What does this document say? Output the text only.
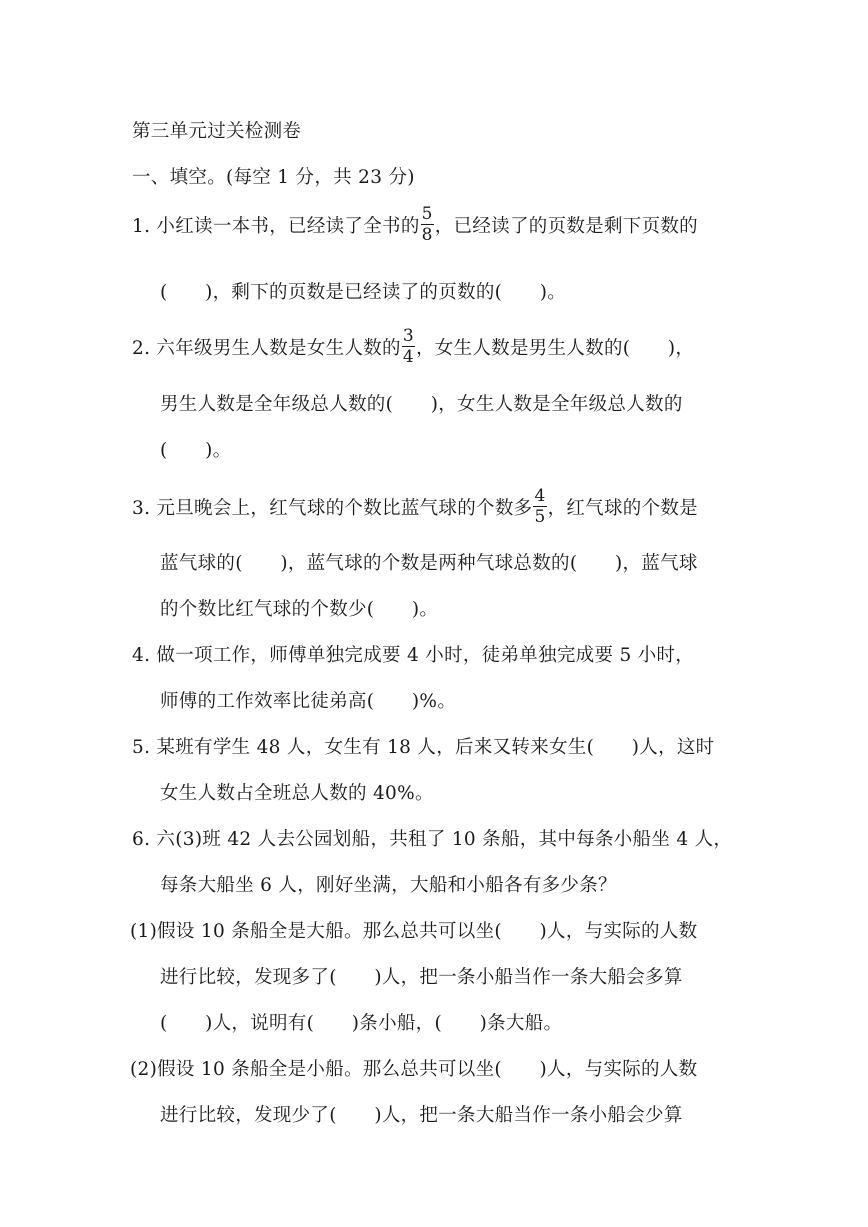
第三单元过关检测卷
一、填空。(每空 1 分，共 23 分)
1. 小红读一本书，已经读了全书的 $\frac{5}{8}$ ，已经读了的页数是剩下页数的
(　　)，剩下的页数是已经读了的页数的(　　)。
2. 六年级男生人数是女生人数的 $\frac{3}{4}$ ，女生人数是男生人数的(　　)，
男生人数是全年级总人数的(　　)，女生人数是全年级总人数的
(　　)。
3. 元旦晚会上，红气球的个数比蓝气球的个数多 $\frac{4}{5}$ ，红气球的个数是
蓝气球的(　　)，蓝气球的个数是两种气球总数的(　　)，蓝气球
的个数比红气球的个数少(　　)。
4. 做一项工作，师傅单独完成要 4 小时，徒弟单独完成要 5 小时，
师傅的工作效率比徒弟高(　　)%。
5. 某班有学生 48 人，女生有 18 人，后来又转来女生(　　)人，这时
女生人数占全班总人数的 40%。
6. 六(3)班 42 人去公园划船，共租了 10 条船，其中每条小船坐 4 人，
每条大船坐 6 人，刚好坐满，大船和小船各有多少条？
(1)假设 10 条船全是大船。那么总共可以坐(　　)人，与实际的人数
进行比较，发现多了(　　)人，把一条小船当作一条大船会多算
(　　)人，说明有(　　)条小船，(　　)条大船。
(2)假设 10 条船全是小船。那么总共可以坐(　　)人，与实际的人数
进行比较，发现少了(　　)人，把一条大船当作一条小船会少算
